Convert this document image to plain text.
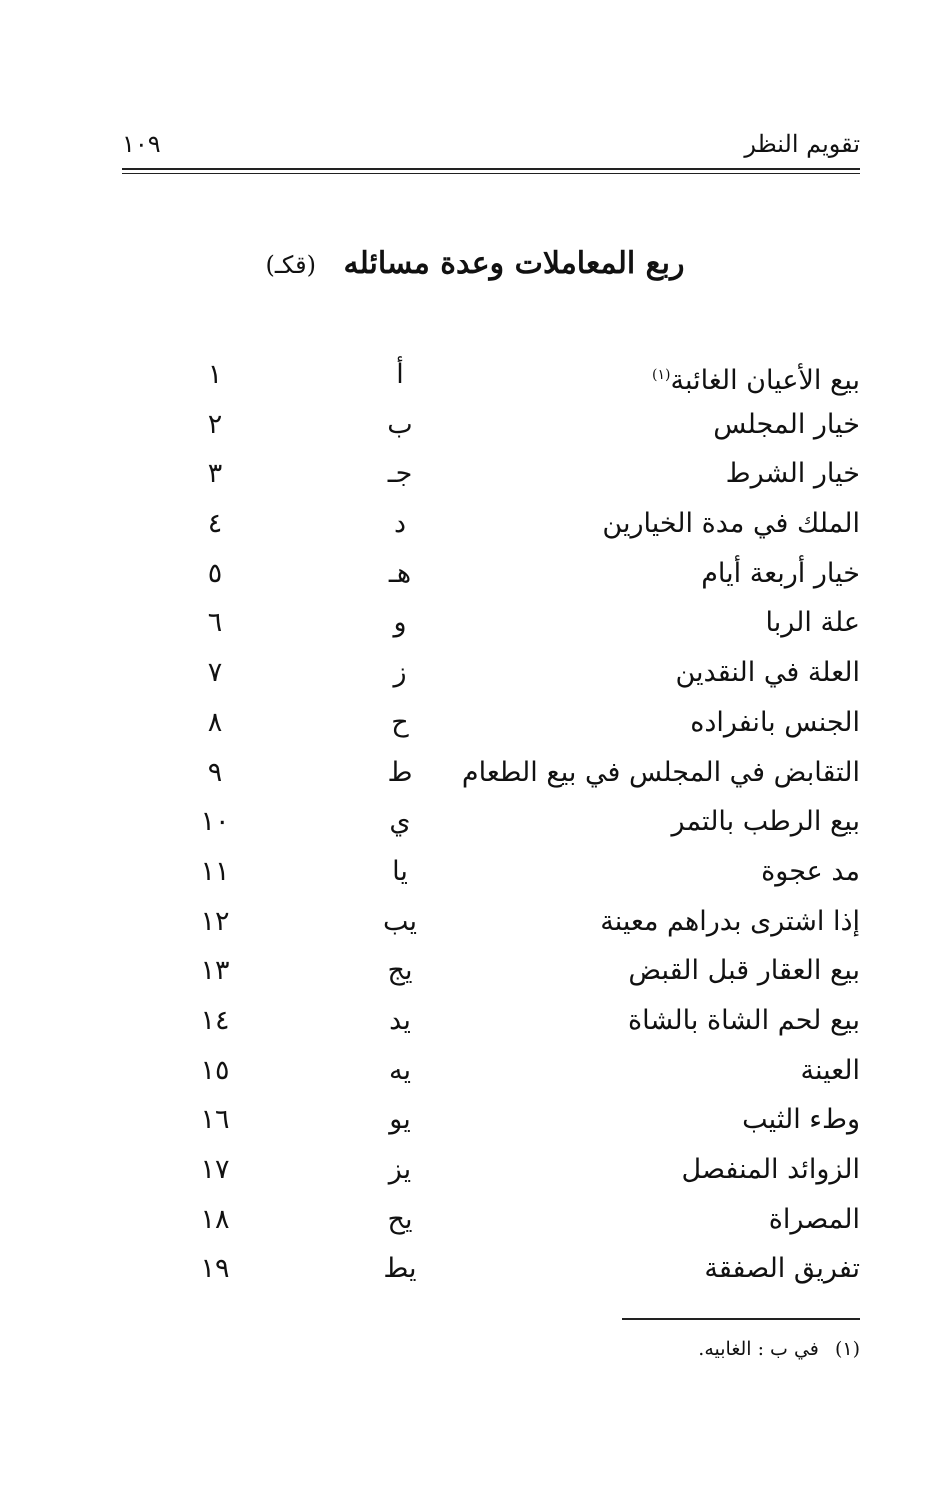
تقويم النظر
١٠٩
ربع المعاملات وعدة مسائله (قكـ)
بيع الأعيان الغائبة$^{(١)}$
أ
١
خيار المجلس
ب
٢
خيار الشرط
جـ
٣
الملك في مدة الخيارين
د
٤
خيار أربعة أيام
هـ
٥
علة الربا
و
٦
العلة في النقدين
ز
٧
الجنس بانفراده
ح
٨
التقابض في المجلس في بيع الطعام
ط
٩
بيع الرطب بالتمر
ي
١٠
مد عجوة
يا
١١
إذا اشترى بدراهم معينة
يب
١٢
بيع العقار قبل القبض
يج
١٣
بيع لحم الشاة بالشاة
يد
١٤
العينة
يه
١٥
وطء الثيب
يو
١٦
الزوائد المنفصل
يز
١٧
المصراة
يح
١٨
تفريق الصفقة
يط
١٩
(١) في ب : الغابيه.
